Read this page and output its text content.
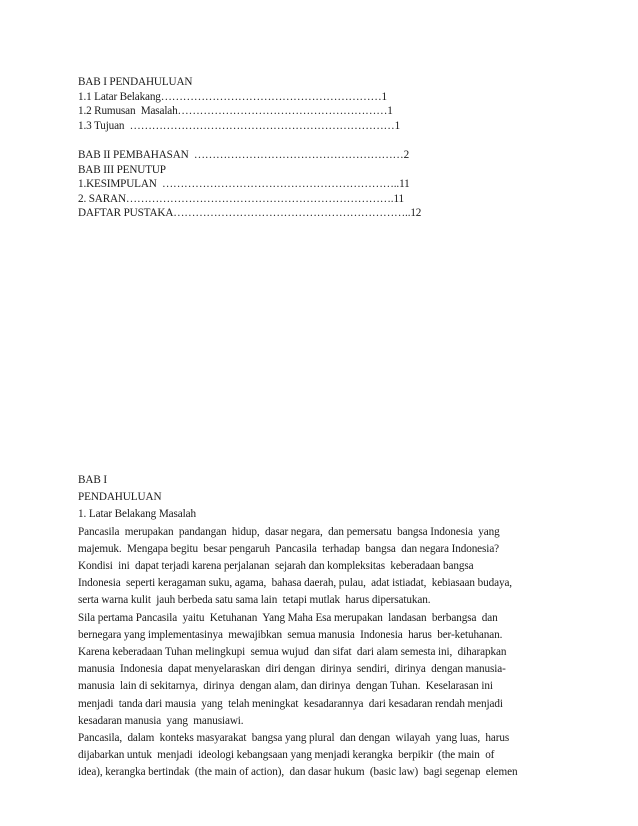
BAB I PENDAHULUAN
1.1 Latar Belakang……………………………………………………1
1.2 Rumusan  Masalah…………………………………………………1
1.3 Tujuan  ………………………………………………………………1
BAB II PEMBAHASAN  …………………………………………………2
BAB III PENUTUP
1.KESIMPULAN  ………………………………………………………..11
2. SARAN……………………………………………………………….11
DAFTAR PUSTAKA………………………………………………………..12
BAB I
PENDAHULUAN
1. Latar Belakang Masalah
Pancasila  merupakan  pandangan  hidup,  dasar negara,  dan pemersatu  bangsa Indonesia  yang
majemuk.  Mengapa begitu  besar pengaruh  Pancasila  terhadap  bangsa  dan negara Indonesia?
Kondisi  ini  dapat terjadi karena perjalanan  sejarah dan kompleksitas  keberadaan bangsa
Indonesia  seperti keragaman suku, agama,  bahasa daerah, pulau,  adat istiadat,  kebiasaan budaya,
serta warna kulit  jauh berbeda satu sama lain  tetapi mutlak  harus dipersatukan.
Sila pertama Pancasila  yaitu  Ketuhanan  Yang Maha Esa merupakan  landasan  berbangsa  dan
bernegara yang implementasinya  mewajibkan  semua manusia  Indonesia  harus  ber-ketuhanan.
Karena keberadaan Tuhan melingkupi  semua wujud  dan sifat  dari alam semesta ini,  diharapkan
manusia  Indonesia  dapat menyelaraskan  diri dengan  dirinya  sendiri,  dirinya  dengan manusia-
manusia  lain di sekitarnya,  dirinya  dengan alam, dan dirinya  dengan Tuhan.  Keselarasan ini
menjadi  tanda dari mausia  yang  telah meningkat  kesadarannya  dari kesadaran rendah menjadi
kesadaran manusia  yang  manusiawi.
Pancasila,  dalam  konteks masyarakat  bangsa yang plural  dan dengan  wilayah  yang luas,  harus
dijabarkan untuk  menjadi  ideologi kebangsaan yang menjadi kerangka  berpikir  (the main  of
idea), kerangka bertindak  (the main of action),  dan dasar hukum  (basic law)  bagi segenap  elemen
